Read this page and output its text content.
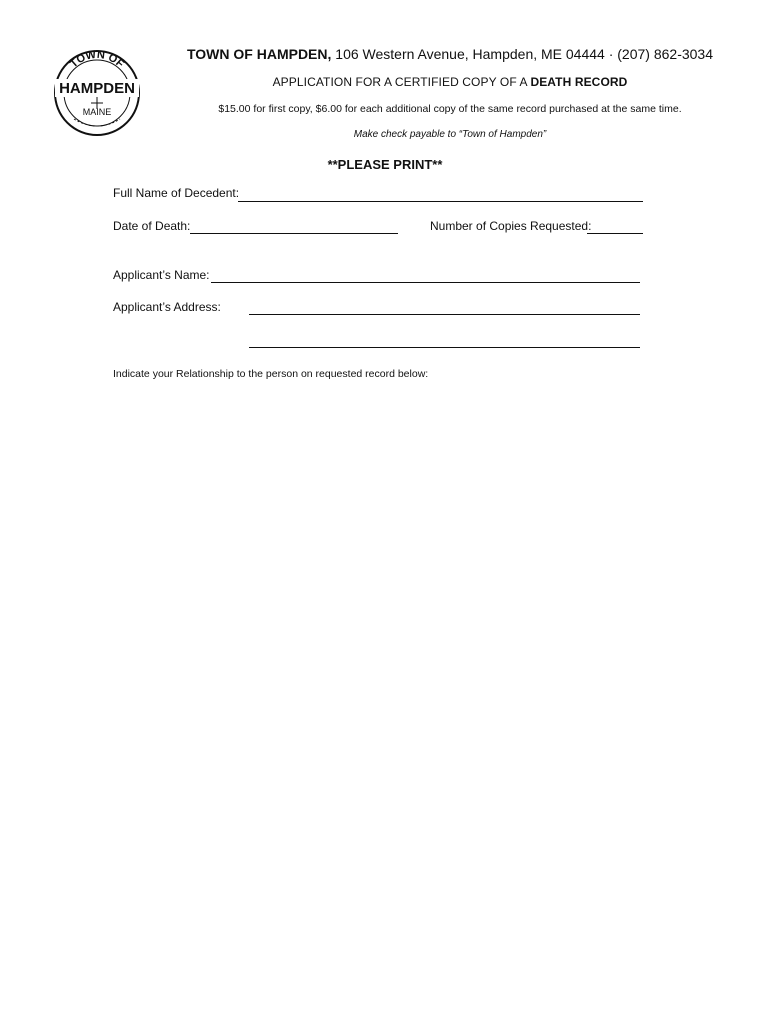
TOWN OF
HAMPDEN
MAINE
TOWN OF HAMPDEN, 106 Western Avenue, Hampden, ME 04444 · (207) 862-3034
APPLICATION FOR A CERTIFIED COPY OF A DEATH RECORD
$15.00 for first copy, $6.00 for each additional copy of the same record purchased at the same time.
Make check payable to “Town of Hampden”
**PLEASE PRINT**
Full Name of Decedent:
Date of Death:	Number of Copies Requested:
Applicant’s Name:
Applicant’s Address:
Indicate your Relationship to the person on requested record below:
